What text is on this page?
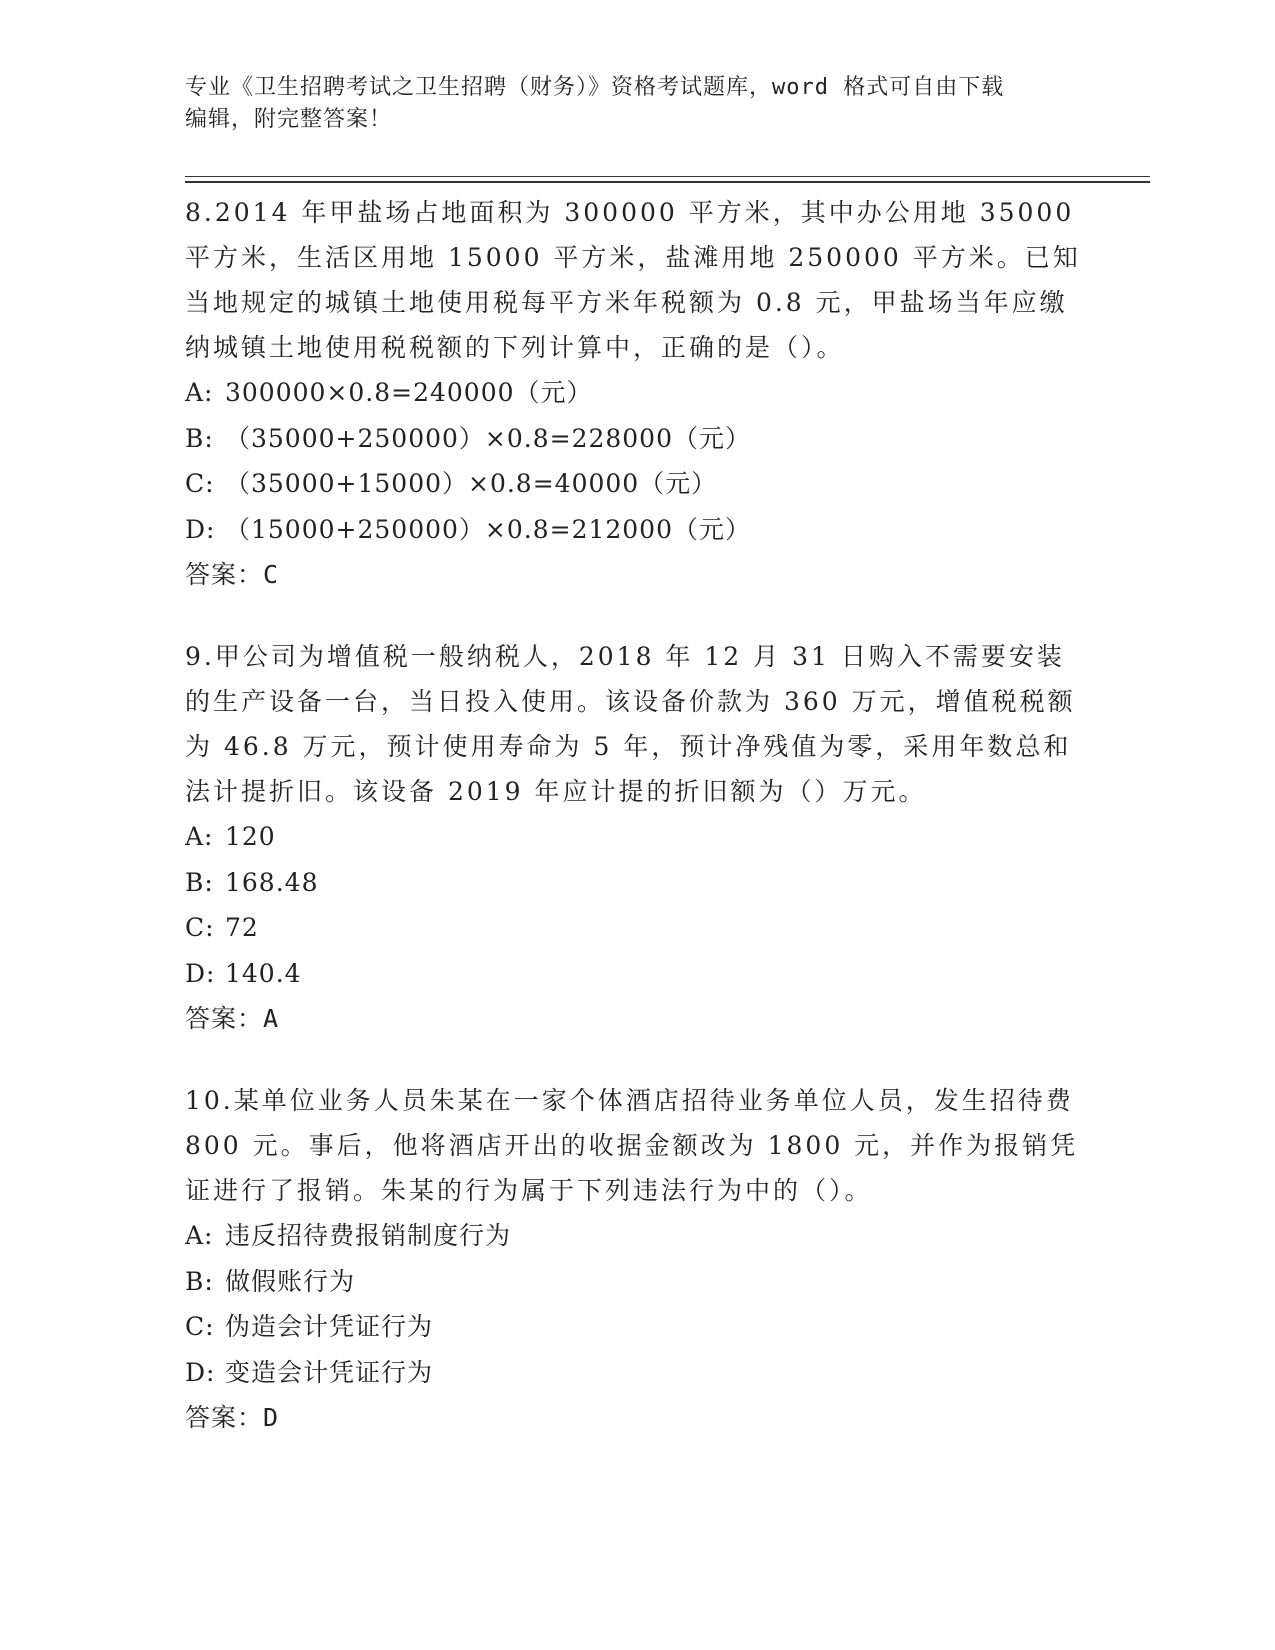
专业《卫生招聘考试之卫生招聘（财务）》资格考试题库，word 格式可自由下载
编辑，附完整答案！

8.2014 年甲盐场占地面积为 300000 平方米，其中办公用地 35000 平方米，生活区用地 15000 平方米，盐滩用地 250000 平方米。已知当地规定的城镇土地使用税每平方米年税额为 0.8 元，甲盐场当年应缴纳城镇土地使用税税额的下列计算中，正确的是（）。

A: 300000×0.8=240000（元）
B: （35000+250000）×0.8=228000（元）
C: （35000+15000）×0.8=40000（元）
D: （15000+250000）×0.8=212000（元）
答案：C

9.甲公司为增值税一般纳税人，2018 年 12 月 31 日购入不需要安装的生产设备一台，当日投入使用。该设备价款为 360 万元，增值税税额为 46.8 万元，预计使用寿命为 5 年，预计净残值为零，采用年数总和法计提折旧。该设备 2019 年应计提的折旧额为（）万元。

A: 120
B: 168.48
C: 72
D: 140.4
答案：A

10.某单位业务人员朱某在一家个体酒店招待业务单位人员，发生招待费 800 元。事后，他将酒店开出的收据金额改为 1800 元，并作为报销凭证进行了报销。朱某的行为属于下列违法行为中的（）。

A: 违反招待费报销制度行为
B: 做假账行为
C: 伪造会计凭证行为
D: 变造会计凭证行为
答案：D
